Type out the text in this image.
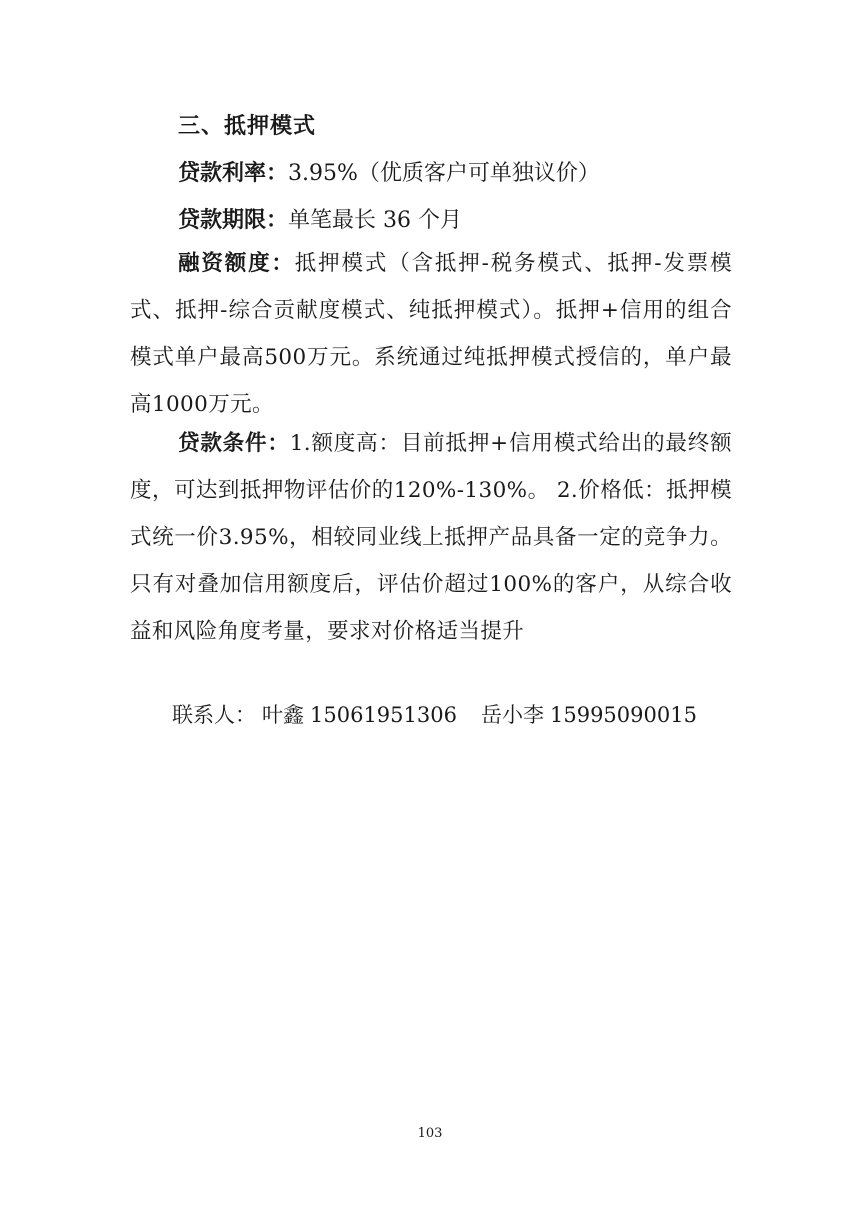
三、抵押模式
贷款利率：3.95%（优质客户可单独议价）
贷款期限：单笔最长 36 个月
融资额度：抵押模式（含抵押-税务模式、抵押-发票模式、抵押-综合贡献度模式、纯抵押模式）。抵押+信用的组合模式单户最高500万元。系统通过纯抵押模式授信的，单户最高1000万元。
贷款条件：1.额度高：目前抵押+信用模式给出的最终额度，可达到抵押物评估价的120%-130%。 2.价格低：抵押模式统一价3.95%，相较同业线上抵押产品具备一定的竞争力。只有对叠加信用额度后，评估价超过100%的客户，从综合收益和风险角度考量，要求对价格适当提升
联系人： 叶鑫 15061951306 岳小李 15995090015
103
